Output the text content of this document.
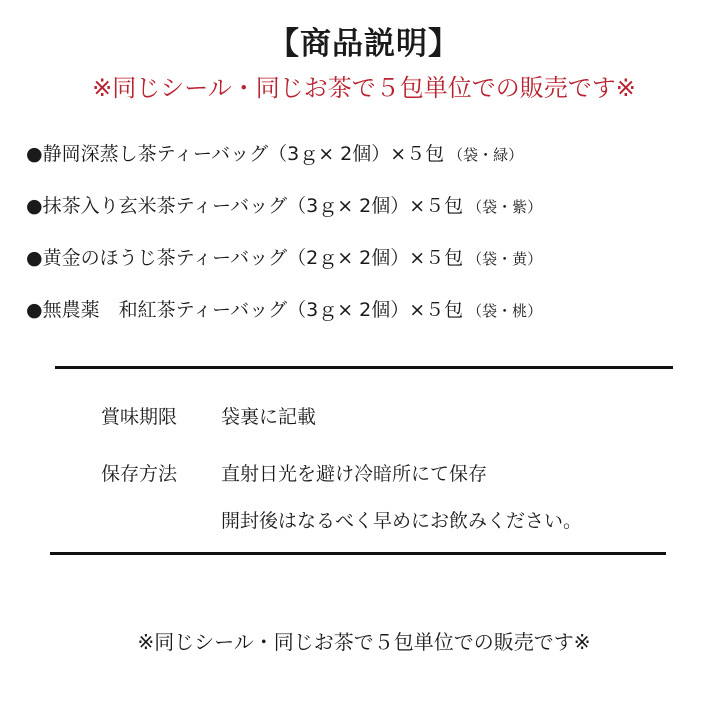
【商品説明】
※同じシール・同じお茶で５包単位での販売です※
●静岡深蒸し茶ティーバッグ（3ｇ× 2個）×５包 （袋・緑）
●抹茶入り玄米茶ティーバッグ（3ｇ× 2個）×５包 （袋・紫）
●黄金のほうじ茶ティーバッグ（2ｇ× 2個）×５包 （袋・黄）
●無農薬　和紅茶ティーバッグ（3ｇ× 2個）×５包 （袋・桃）
賞味期限 袋裏に記載
保存方法 直射日光を避け冷暗所にて保存
開封後はなるべく早めにお飲みください。
※同じシール・同じお茶で５包単位での販売です※
